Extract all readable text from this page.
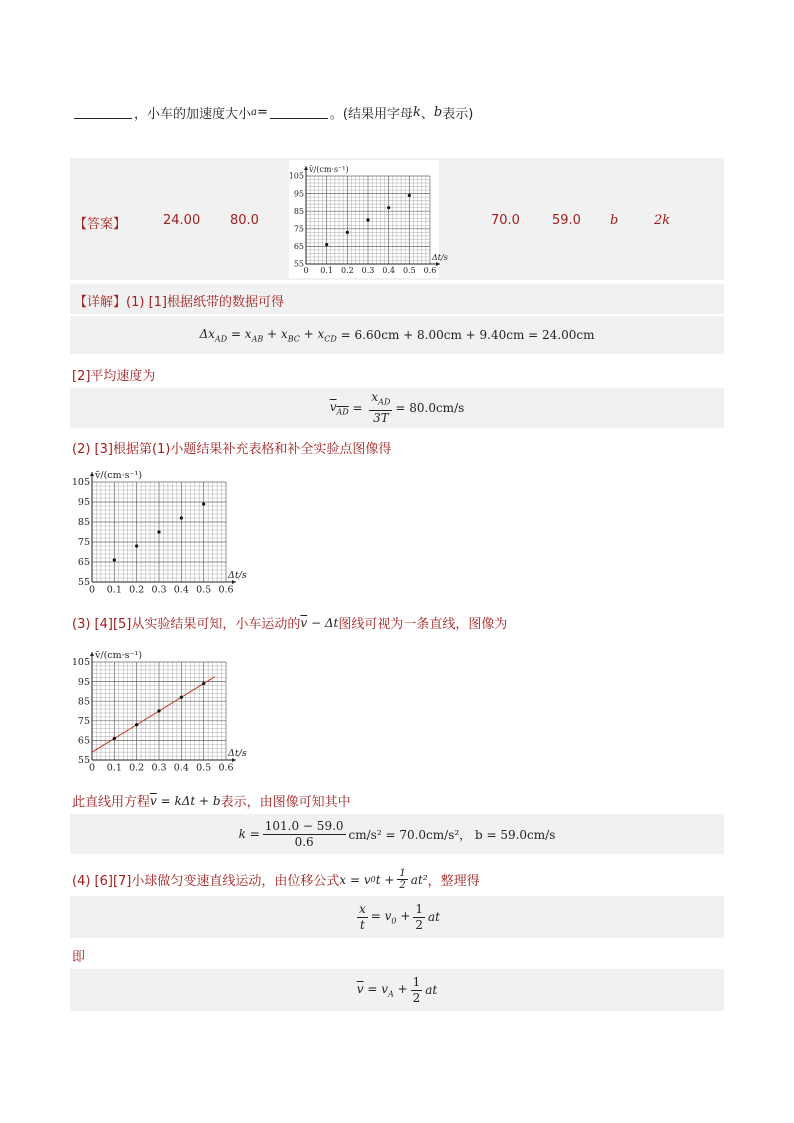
，小车的加速度大小 a =	。(结果用字母 k 、 b 表示)
【答案】	24.00 80.0
0 0.1 0.2 0.3 0.4 0.5 0.6
55
65
75
85
95
105
v̄/(cm·s⁻¹)
Δt/s
70.0 59.0 b	2k
【详解】(1) [1]根据纸带的数据可得
$\Delta x_{AD} = x_{AB} + x_{BC} + x_{CD}$
= 6.60cm + 8.00cm + 9.40cm = 24.00cm
[2]平均速度为
$v_{AD} = \frac{x_{AD}}{3T} = 80.0cm/s$
(2) [3]根据第(1)小题结果补充表格和补全实验点图像得
0 0.1 0.2 0.3 0.4 0.5 0.6
55
65
75
85
95
105
v̄/(cm·s⁻¹)
Δt/s
(3) [4][5]从实验结果可知，小车运动的 $\overline{v} - \Delta t$ 图线可视为一条直线，图像为
0 0.1 0.2 0.3 0.4 0.5 0.6
55
65
75
85
95
105
v̄/(cm·s⁻¹)
Δt/s
此直线用方程 $\overline{v} = k\Delta t + b$ 表示，由图像可知其中
$k = \frac{101.0 - 59.0}{0.6} cm/s^2 = 70.0cm/s^2$， b = 59.0cm/s
(4) [6][7]小球做匀变速直线运动，由位移公式 x = v 0 $t + \frac{1}{2} at^2$ ，整理得
$\frac{x}{t} = v_0 + \frac{1}{2}$ at
即
$\overline{v} = v_A + \frac{1}{2}$ at
